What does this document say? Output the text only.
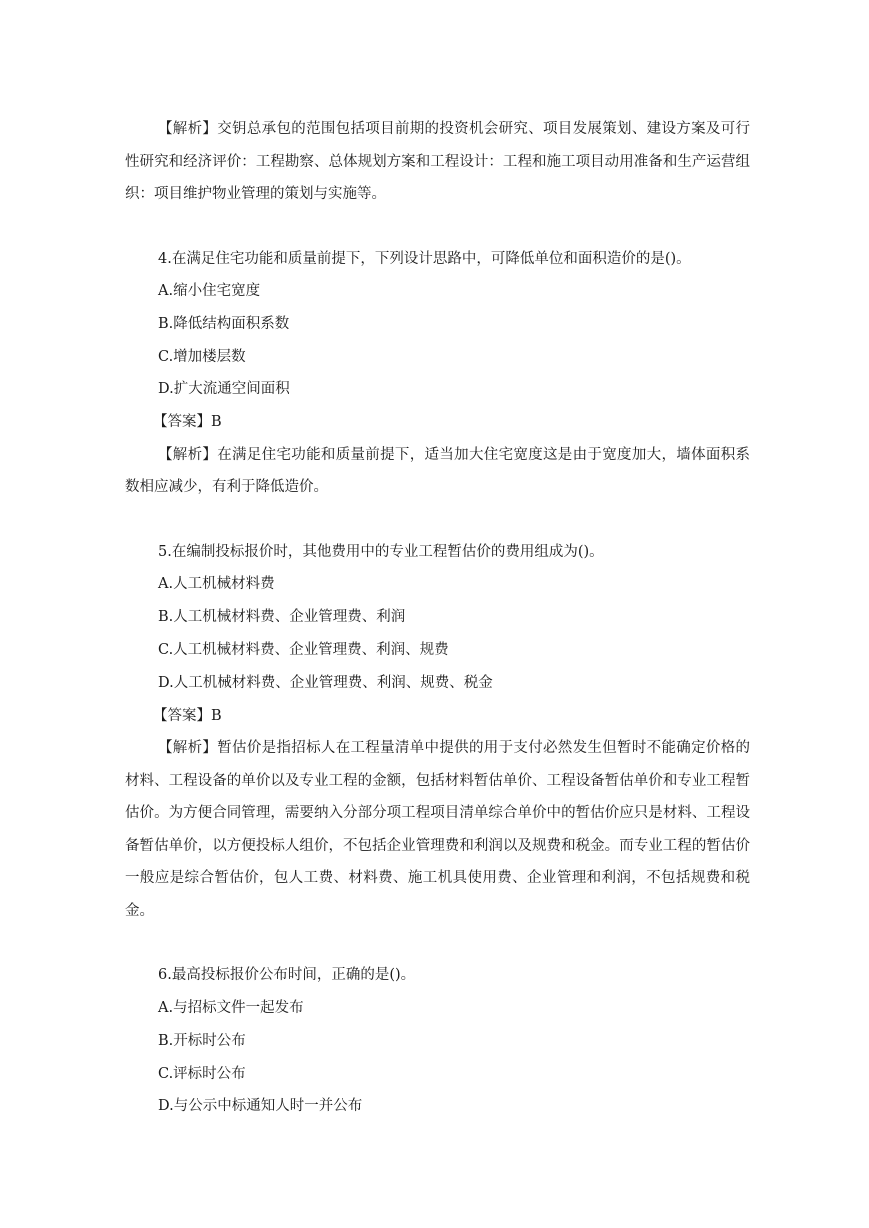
【解析】交钥总承包的范围包括项目前期的投资机会研究、项目发展策划、建设方案及可行性研究和经济评价：工程勘察、总体规划方案和工程设计：工程和施工项目动用准备和生产运营组织：项目维护物业管理的策划与实施等。

4.在满足住宅功能和质量前提下，下列设计思路中，可降低单位和面积造价的是()。

A.缩小住宅宽度

B.降低结构面积系数

C.增加楼层数

D.扩大流通空间面积

【答案】B

【解析】在满足住宅功能和质量前提下，适当加大住宅宽度这是由于宽度加大，墙体面积系数相应减少，有利于降低造价。

5.在编制投标报价时，其他费用中的专业工程暂估价的费用组成为()。

A.人工机械材料费

B.人工机械材料费、企业管理费、利润

C.人工机械材料费、企业管理费、利润、规费

D.人工机械材料费、企业管理费、利润、规费、税金

【答案】B

【解析】暂估价是指招标人在工程量清单中提供的用于支付必然发生但暂时不能确定价格的材料、工程设备的单价以及专业工程的金额，包括材料暂估单价、工程设备暂估单价和专业工程暂估价。为方便合同管理，需要纳入分部分项工程项目清单综合单价中的暂估价应只是材料、工程设备暂估单价，以方便投标人组价，不包括企业管理费和利润以及规费和税金。而专业工程的暂估价一般应是综合暂估价，包人工费、材料费、施工机具使用费、企业管理和利润，不包括规费和税金。

6.最高投标报价公布时间，正确的是()。

A.与招标文件一起发布

B.开标时公布

C.评标时公布

D.与公示中标通知人时一并公布
